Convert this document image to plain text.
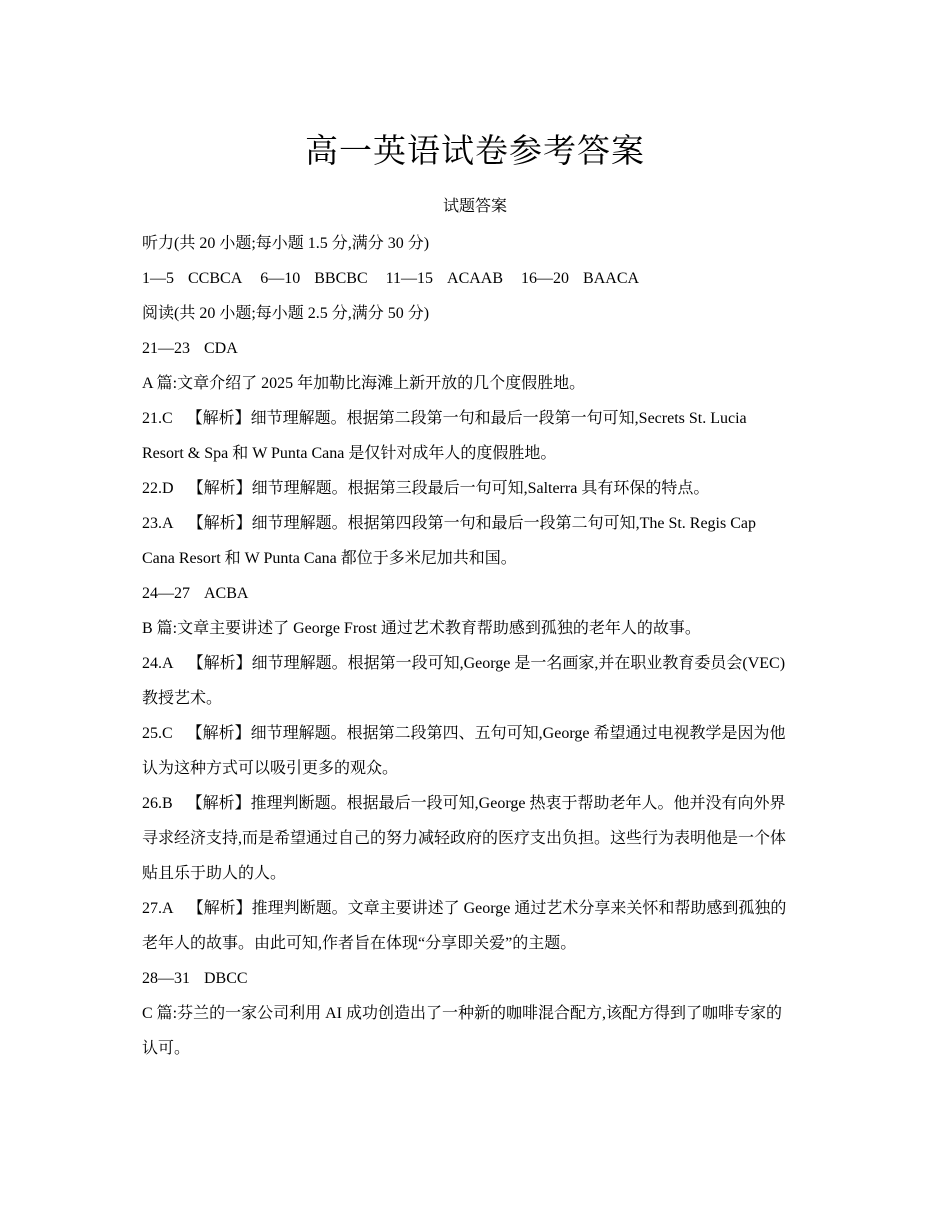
高一英语试卷参考答案
试题答案
听力(共 20 小题;每小题 1.5 分,满分 30 分)
1—5 CCBCA 6—10 BBCBC 11—15 ACAAB 16—20 BAACA
阅读(共 20 小题;每小题 2.5 分,满分 50 分)
21—23 CDA
A 篇:文章介绍了 2025 年加勒比海滩上新开放的几个度假胜地。
21.C 【解析】细节理解题。根据第二段第一句和最后一段第一句可知,Secrets St. Lucia
Resort & Spa 和 W Punta Cana 是仅针对成年人的度假胜地。
22.D 【解析】细节理解题。根据第三段最后一句可知,Salterra 具有环保的特点。
23.A 【解析】细节理解题。根据第四段第一句和最后一段第二句可知,The St. Regis Cap
Cana Resort 和 W Punta Cana 都位于多米尼加共和国。
24—27 ACBA
B 篇:文章主要讲述了 George Frost 通过艺术教育帮助感到孤独的老年人的故事。
24.A 【解析】细节理解题。根据第一段可知,George 是一名画家,并在职业教育委员会(VEC)
教授艺术。
25.C 【解析】细节理解题。根据第二段第四、五句可知,George 希望通过电视教学是因为他
认为这种方式可以吸引更多的观众。
26.B 【解析】推理判断题。根据最后一段可知,George 热衷于帮助老年人。他并没有向外界
寻求经济支持,而是希望通过自己的努力减轻政府的医疗支出负担。这些行为表明他是一个体
贴且乐于助人的人。
27.A 【解析】推理判断题。文章主要讲述了 George 通过艺术分享来关怀和帮助感到孤独的
老年人的故事。由此可知,作者旨在体现“分享即关爱”的主题。
28—31 DBCC
C 篇:芬兰的一家公司利用 AI 成功创造出了一种新的咖啡混合配方,该配方得到了咖啡专家的
认可。
